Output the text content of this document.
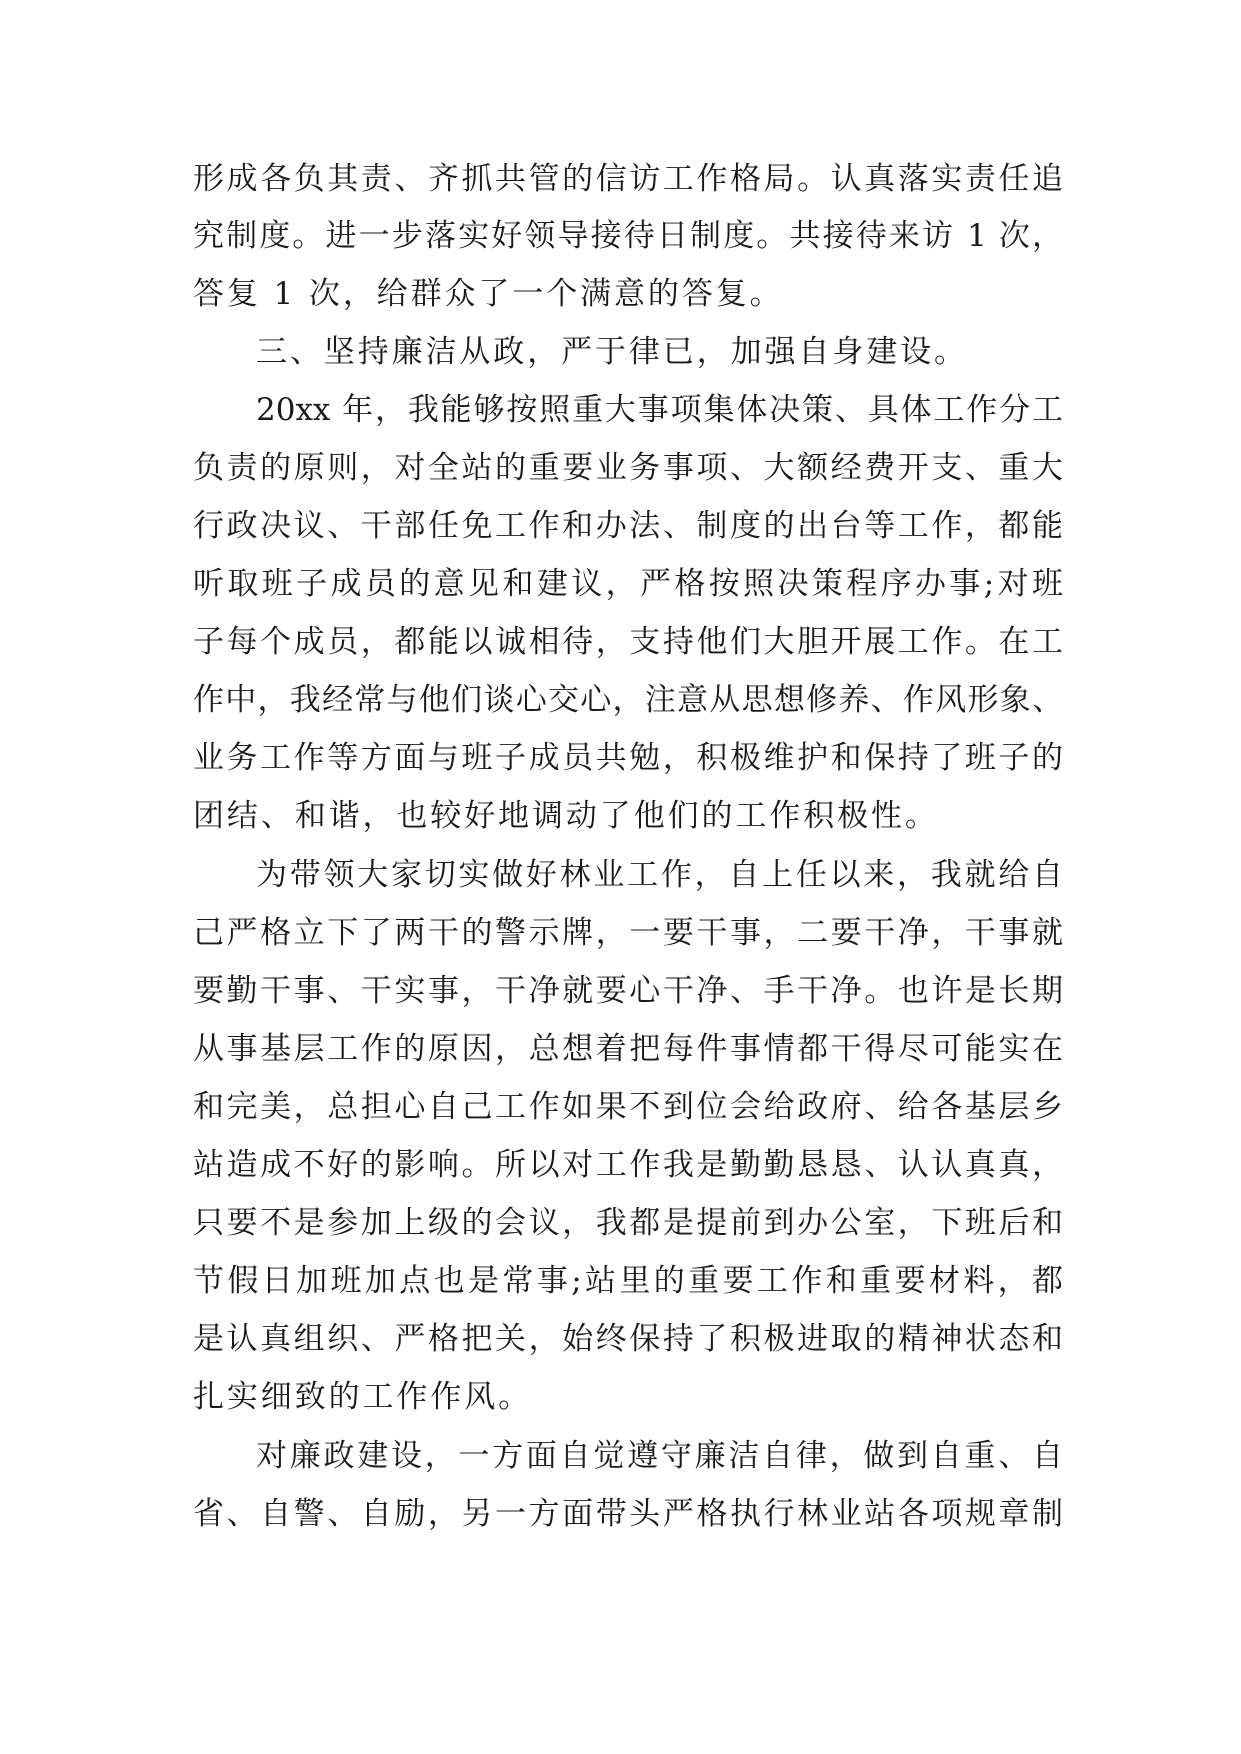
形成各负其责、齐抓共管的信访工作格局。认真落实责任追
究制度。进一步落实好领导接待日制度。共接待来访 1 次，
答复 1 次，给群众了一个满意的答复。
三、坚持廉洁从政，严于律已，加强自身建设。
20xx 年，我能够按照重大事项集体决策、具体工作分工
负责的原则，对全站的重要业务事项、大额经费开支、重大
行政决议、干部任免工作和办法、制度的出台等工作，都能
听取班子成员的意见和建议，严格按照决策程序办事;对班
子每个成员，都能以诚相待，支持他们大胆开展工作。在工
作中，我经常与他们谈心交心，注意从思想修养、作风形象、
业务工作等方面与班子成员共勉，积极维护和保持了班子的
团结、和谐，也较好地调动了他们的工作积极性。
为带领大家切实做好林业工作，自上任以来，我就给自
己严格立下了两干的警示牌，一要干事，二要干净，干事就
要勤干事、干实事，干净就要心干净、手干净。也许是长期
从事基层工作的原因，总想着把每件事情都干得尽可能实在
和完美，总担心自己工作如果不到位会给政府、给各基层乡
站造成不好的影响。所以对工作我是勤勤恳恳、认认真真，
只要不是参加上级的会议，我都是提前到办公室，下班后和
节假日加班加点也是常事;站里的重要工作和重要材料，都
是认真组织、严格把关，始终保持了积极进取的精神状态和
扎实细致的工作作风。
对廉政建设，一方面自觉遵守廉洁自律，做到自重、自
省、自警、自励，另一方面带头严格执行林业站各项规章制
